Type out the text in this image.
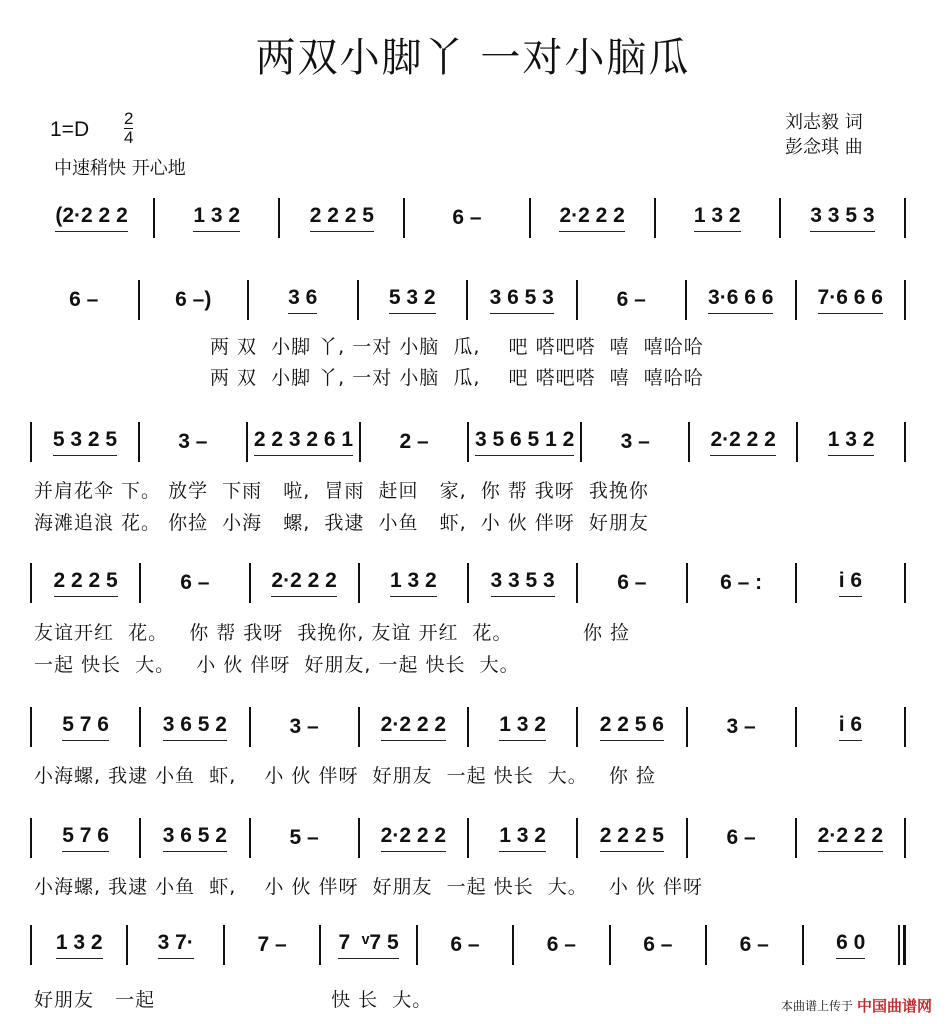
两双小脚丫 一对小脑瓜
$1=D \frac{2}{4}$
中速稍快 开心地
刘志毅 词
彭念琪 曲
(2·2 2 2	1 3 2	2 2 2 5	6 –	2·2 2 2	1 3 2	3 3 5 3
6 –	6 –)	3 6	5 3 2	3 6 5 3	6 –	3·6 6 6 7·6 6 6
5 3 2 5	3 – 2 2 3 2 6 1 2 – 3 5 6 5 1 2 3 –	2·2 2 2 1 3 2
2 2 2 5	6 –	2·2 2 2	1 3 2	3 3 5 3	6 –	6 – :	i 6
5 7 6	3 6 5 2	3 –	2·2 2 2	1 3 2	2 2 5 6	3 –	i 6
5 7 6	3 6 5 2	5 –	2·2 2 2	1 3 2	2 2 2 5	6 –	2·2 2 2
1 3 2	3 7·	7 – 7  ᵛ7 5 6 –	6 –	6 –	6 –	6 0
两 双  小脚 丫, 一对 小脑  瓜,    吧 嗒吧嗒  嘻  嘻哈哈
两 双  小脚 丫, 一对 小脑  瓜,    吧 嗒吧嗒  嘻  嘻哈哈
并肩花伞 下。 放学  下雨   啦,  冒雨  赶回   家,  你 帮 我呀  我挽你
海滩追浪 花。 你捡  小海   螺,  我逮  小鱼   虾,  小 伙 伴呀  好朋友
友谊开红  花。   你 帮 我呀  我挽你, 友谊 开红  花。          你 捡
一起 快长  大。   小 伙 伴呀  好朋友, 一起 快长  大。
小海螺, 我逮 小鱼  虾,    小 伙 伴呀  好朋友  一起 快长  大。   你 捡
小海螺, 我逮 小鱼  虾,    小 伙 伴呀  好朋友  一起 快长  大。   小 伙 伴呀
好朋友   一起                         快 长  大。	本曲谱上传于 中国曲谱网
